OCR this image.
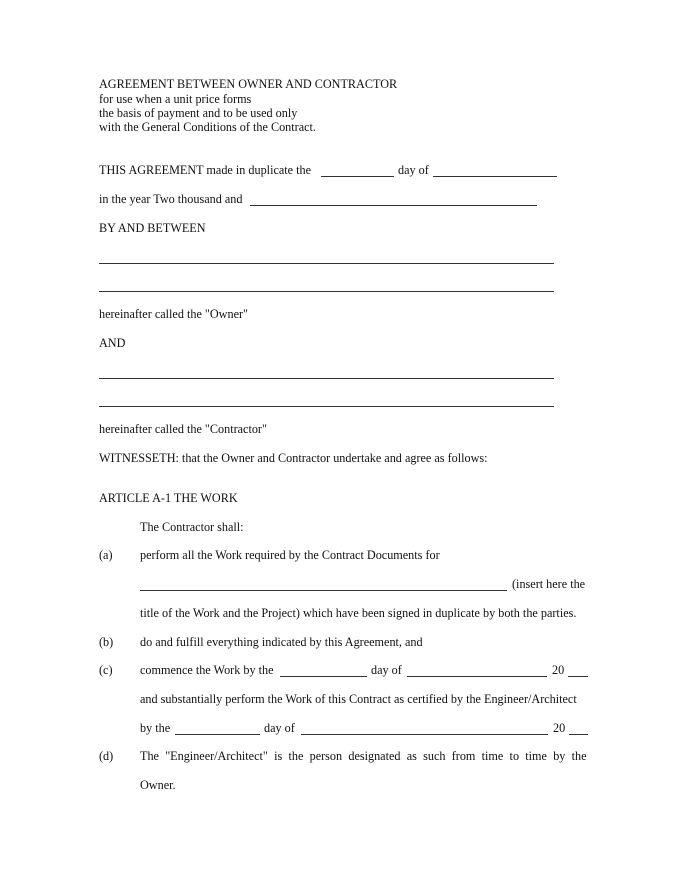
AGREEMENT BETWEEN OWNER AND CONTRACTOR
for use when a unit price forms
the basis of payment and to be used only
with the General Conditions of the Contract.
THIS AGREEMENT made in duplicate the	day of
in the year Two thousand and
BY AND BETWEEN
hereinafter called the "Owner"
AND
hereinafter called the "Contractor"
WITNESSETH: that the Owner and Contractor undertake and agree as follows:
ARTICLE A-1 THE WORK
The Contractor shall:
(a) perform all the Work required by the Contract Documents for
(insert here the
title of the Work and the Project) which have been signed in duplicate by both the parties.
(b) do and fulfill everything indicated by this Agreement, and
(c) commence the Work by the	day of	20
and substantially perform the Work of this Contract as certified by the Engineer/Architect
by the	day of	20
(d) The "Engineer/Architect" is the person designated as such from time to time by the
Owner.
